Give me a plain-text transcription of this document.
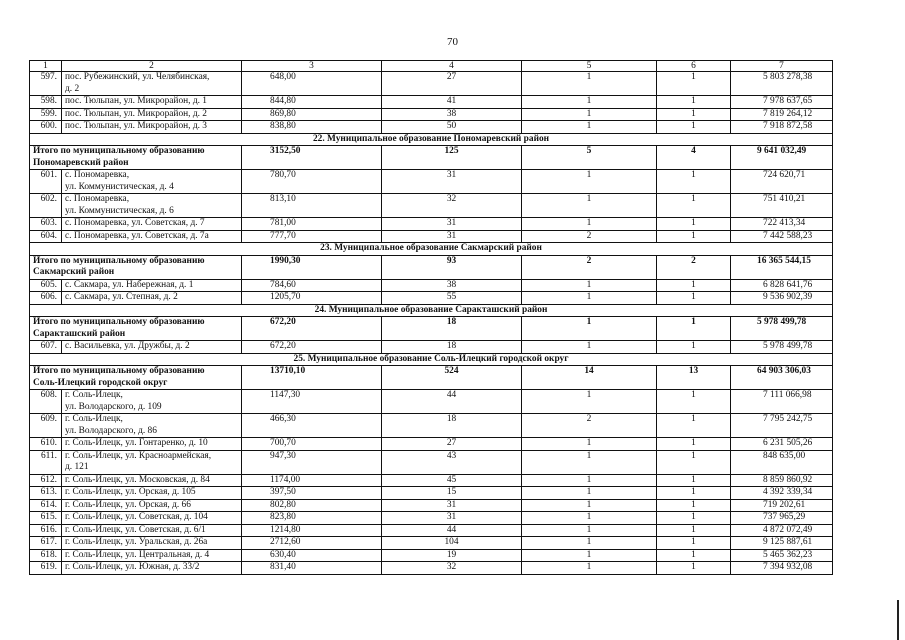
70
1	2	3	4	5	6	7
597.	пос. Рубежинский, ул. Челябинская,
д. 2	648,00	27	1	1	5 803 278,38
598.	пос. Тюльпан, ул. Микрорайон, д. 1	844,80	41	1	1	7 978 637,65
599.	пос. Тюльпан, ул. Микрорайон, д. 2	869,80	38	1	1	7 819 264,12
600.	пос. Тюльпан, ул. Микрорайон, д. 3	838,80	50	1	1	7 918 872,58
22. Муниципальное образование Пономаревский район						
Итого по муниципальному образованию
Пономаревский район		3152,50	125	5	4	9 641 032,49
601.	с. Пономаревка,
ул. Коммунистическая, д. 4	780,70	31	1	1	724 620,71
602.	с. Пономаревка,
ул. Коммунистическая, д. 6	813,10	32	1	1	751 410,21
603.	с. Пономаревка, ул. Советская, д. 7	781,00	31	1	1	722 413,34
604.	с. Пономаревка, ул. Советская, д. 7а	777,70	31	2	1	7 442 588,23
23. Муниципальное образование Сакмарский район						
Итого по муниципальному образованию
Сакмарский район		1990,30	93	2	2	16 365 544,15
605.	с. Сакмара, ул. Набережная, д. 1	784,60	38	1	1	6 828 641,76
606.	с. Сакмара, ул. Степная, д. 2	1205,70	55	1	1	9 536 902,39
24. Муниципальное образование Саракташский район						
Итого по муниципальному образованию
Саракташский район		672,20	18	1	1	5 978 499,78
607.	с. Васильевка, ул. Дружбы, д. 2	672,20	18	1	1	5 978 499,78
25. Муниципальное образование Соль-Илецкий городской округ						
Итого по муниципальному образованию
Соль-Илецкий городской округ		13710,10	524	14	13	64 903 306,03
608.	г. Соль-Илецк,
ул. Володарского, д. 109	1147,30	44	1	1	7 111 066,98
609.	г. Соль-Илецк,
ул. Володарского, д. 86	466,30	18	2	1	7 795 242,75
610.	г. Соль-Илецк, ул. Гонтаренко, д. 10	700,70	27	1	1	6 231 505,26
611.	г. Соль-Илецк, ул. Красноармейская,
д. 121	947,30	43	1	1	848 635,00
612.	г. Соль-Илецк, ул. Московская, д. 84	1174,00	45	1	1	8 859 860,92
613.	г. Соль-Илецк, ул. Орская, д. 105	397,50	15	1	1	4 392 339,34
614.	г. Соль-Илецк, ул. Орская, д. 66	802,80	31	1	1	719 202,61
615.	г. Соль-Илецк, ул. Советская, д. 104	823,80	31	1	1	737 965,29
616.	г. Соль-Илецк, ул. Советская, д. 6/1	1214,80	44	1	1	4 872 072,49
617.	г. Соль-Илецк, ул. Уральская, д. 26а	2712,60	104	1	1	9 125 887,61
618.	г. Соль-Илецк, ул. Центральная, д. 4	630,40	19	1	1	5 465 362,23
619.	г. Соль-Илецк, ул. Южная, д. 33/2	831,40	32	1	1	7 394 932,08
